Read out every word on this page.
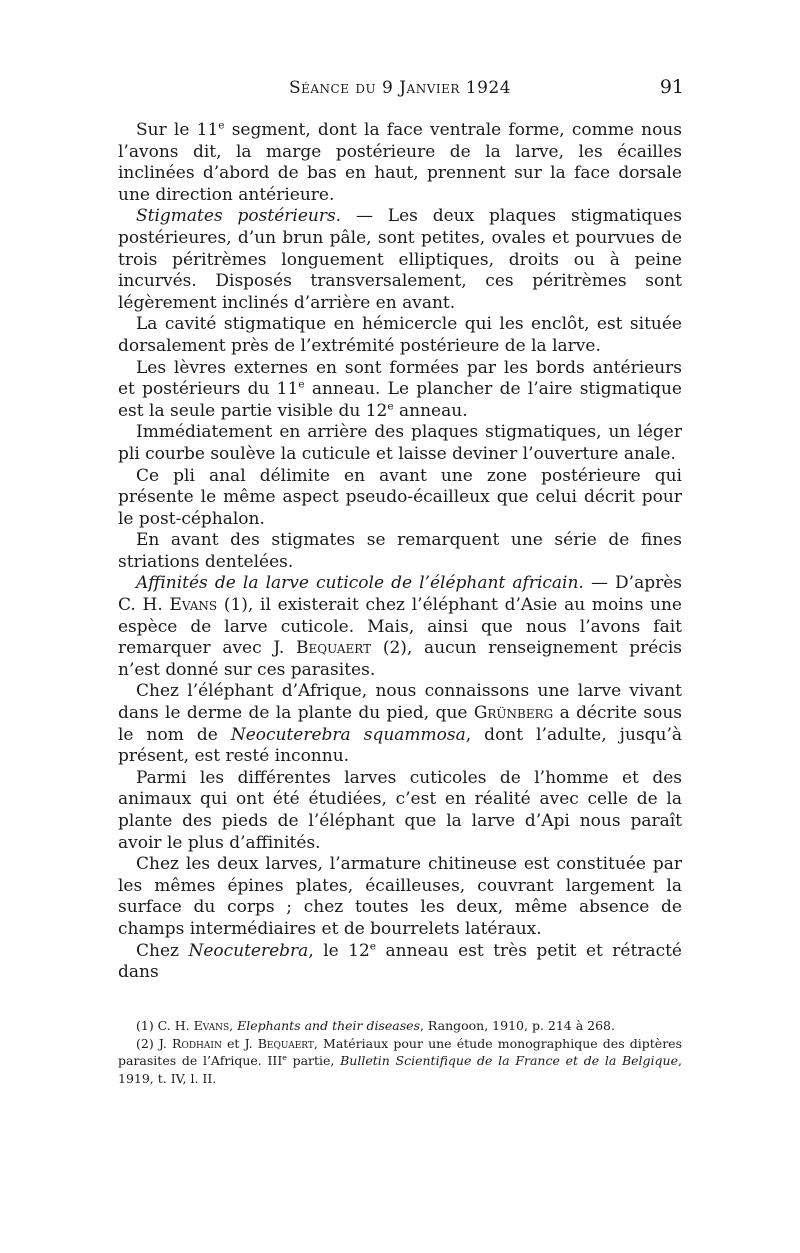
Séance du 9 Janvier 1924	91

Sur le 11e segment, dont la face ventrale forme, comme nous l’avons dit, la marge postérieure de la larve, les écailles inclinées d’abord de bas en haut, prennent sur la face dorsale une direction antérieure.

Stigmates postérieurs. — Les deux plaques stigmatiques postérieures, d’un brun pâle, sont petites, ovales et pourvues de trois péritrèmes longuement elliptiques, droits ou à peine incurvés. Disposés transversalement, ces péritrèmes sont légèrement inclinés d’arrière en avant.

La cavité stigmatique en hémicercle qui les enclôt, est située dorsalement près de l’extrémité postérieure de la larve.

Les lèvres externes en sont formées par les bords antérieurs et postérieurs du 11e anneau. Le plancher de l’aire stigmatique est la seule partie visible du 12e anneau.

Immédiatement en arrière des plaques stigmatiques, un léger pli courbe soulève la cuticule et laisse deviner l’ouverture anale.

Ce pli anal délimite en avant une zone postérieure qui présente le même aspect pseudo-écailleux que celui décrit pour le post-céphalon.

En avant des stigmates se remarquent une série de fines striations dentelées.

Affinités de la larve cuticole de l’éléphant africain. — D’après C. H. Evans (1), il existerait chez l’éléphant d’Asie au moins une espèce de larve cuticole. Mais, ainsi que nous l’avons fait remarquer avec J. Bequaert (2), aucun renseignement précis n’est donné sur ces parasites.

Chez l’éléphant d’Afrique, nous connaissons une larve vivant dans le derme de la plante du pied, que Grünberg a décrite sous le nom de Neocuterebra squammosa, dont l’adulte, jusqu’à présent, est resté inconnu.

Parmi les différentes larves cuticoles de l’homme et des animaux qui ont été étudiées, c’est en réalité avec celle de la plante des pieds de l’éléphant que la larve d’Api nous paraît avoir le plus d’affinités.

Chez les deux larves, l’armature chitineuse est constituée par les mêmes épines plates, écailleuses, couvrant largement la surface du corps ; chez toutes les deux, même absence de champs intermédiaires et de bourrelets latéraux.

Chez Neocuterebra, le 12e anneau est très petit et rétracté dans

(1) C. H. Evans, Elephants and their diseases, Rangoon, 1910, p. 214 à 268.

(2) J. Rodhain et J. Bequaert, Matériaux pour une étude monographique des diptères parasites de l’Afrique. IIIe partie, Bulletin Scientifique de la France et de la Belgique, 1919, t. IV, l. II.
